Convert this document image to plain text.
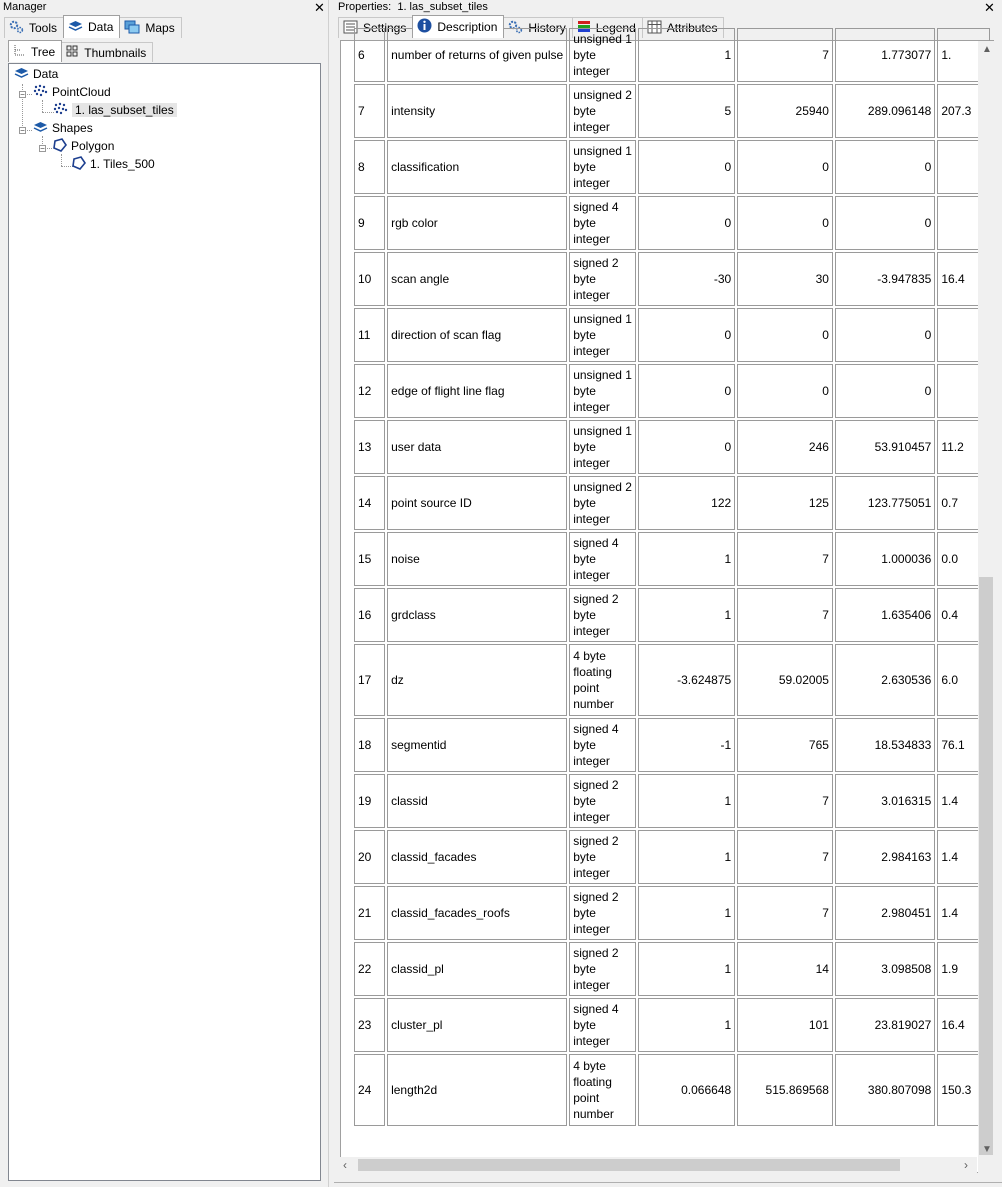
Manager	✕
Tools	Data	Maps
Tree Thumbnails
−
−
−
Data
PointCloud
1. las_subset_tiles
Shapes
Polygon
1. Tiles_500
Properties: 1. las_subset_tiles	✕
Settings	Description	History	Legend	Attributes
6	number of returns of given pulse	unsigned 1
byte
integer	1	7	1.773077	1.
7	intensity	unsigned 2
byte
integer	5	25940	289.096148	207.3
8	classification	unsigned 1
byte
integer	0	0	0	
9	rgb color	signed 4
byte
integer	0	0	0	
10	scan angle	signed 2
byte
integer	-30	30	-3.947835	16.4
11	direction of scan flag	unsigned 1
byte
integer	0	0	0	
12	edge of flight line flag	unsigned 1
byte
integer	0	0	0	
13	user data	unsigned 1
byte
integer	0	246	53.910457	11.2
14	point source ID	unsigned 2
byte
integer	122	125	123.775051	0.7
15	noise	signed 4
byte
integer	1	7	1.000036	0.0
16	grdclass	signed 2
byte
integer	1	7	1.635406	0.4
17	dz	4 byte
floating
point
number	-3.624875	59.02005	2.630536	6.0
18	segmentid	signed 4
byte
integer	-1	765	18.534833	76.1
19	classid	signed 2
byte
integer	1	7	3.016315	1.4
20	classid_facades	signed 2
byte
integer	1	7	2.984163	1.4
21	classid_facades_roofs	signed 2
byte
integer	1	7	2.980451	1.4
22	classid_pl	signed 2
byte
integer	1	14	3.098508	1.9
23	cluster_pl	signed 4
byte
integer	1	101	23.819027	16.4
24	length2d	4 byte
floating
point
number	0.066648	515.869568	380.807098	150.3
▲
▼
‹	›
